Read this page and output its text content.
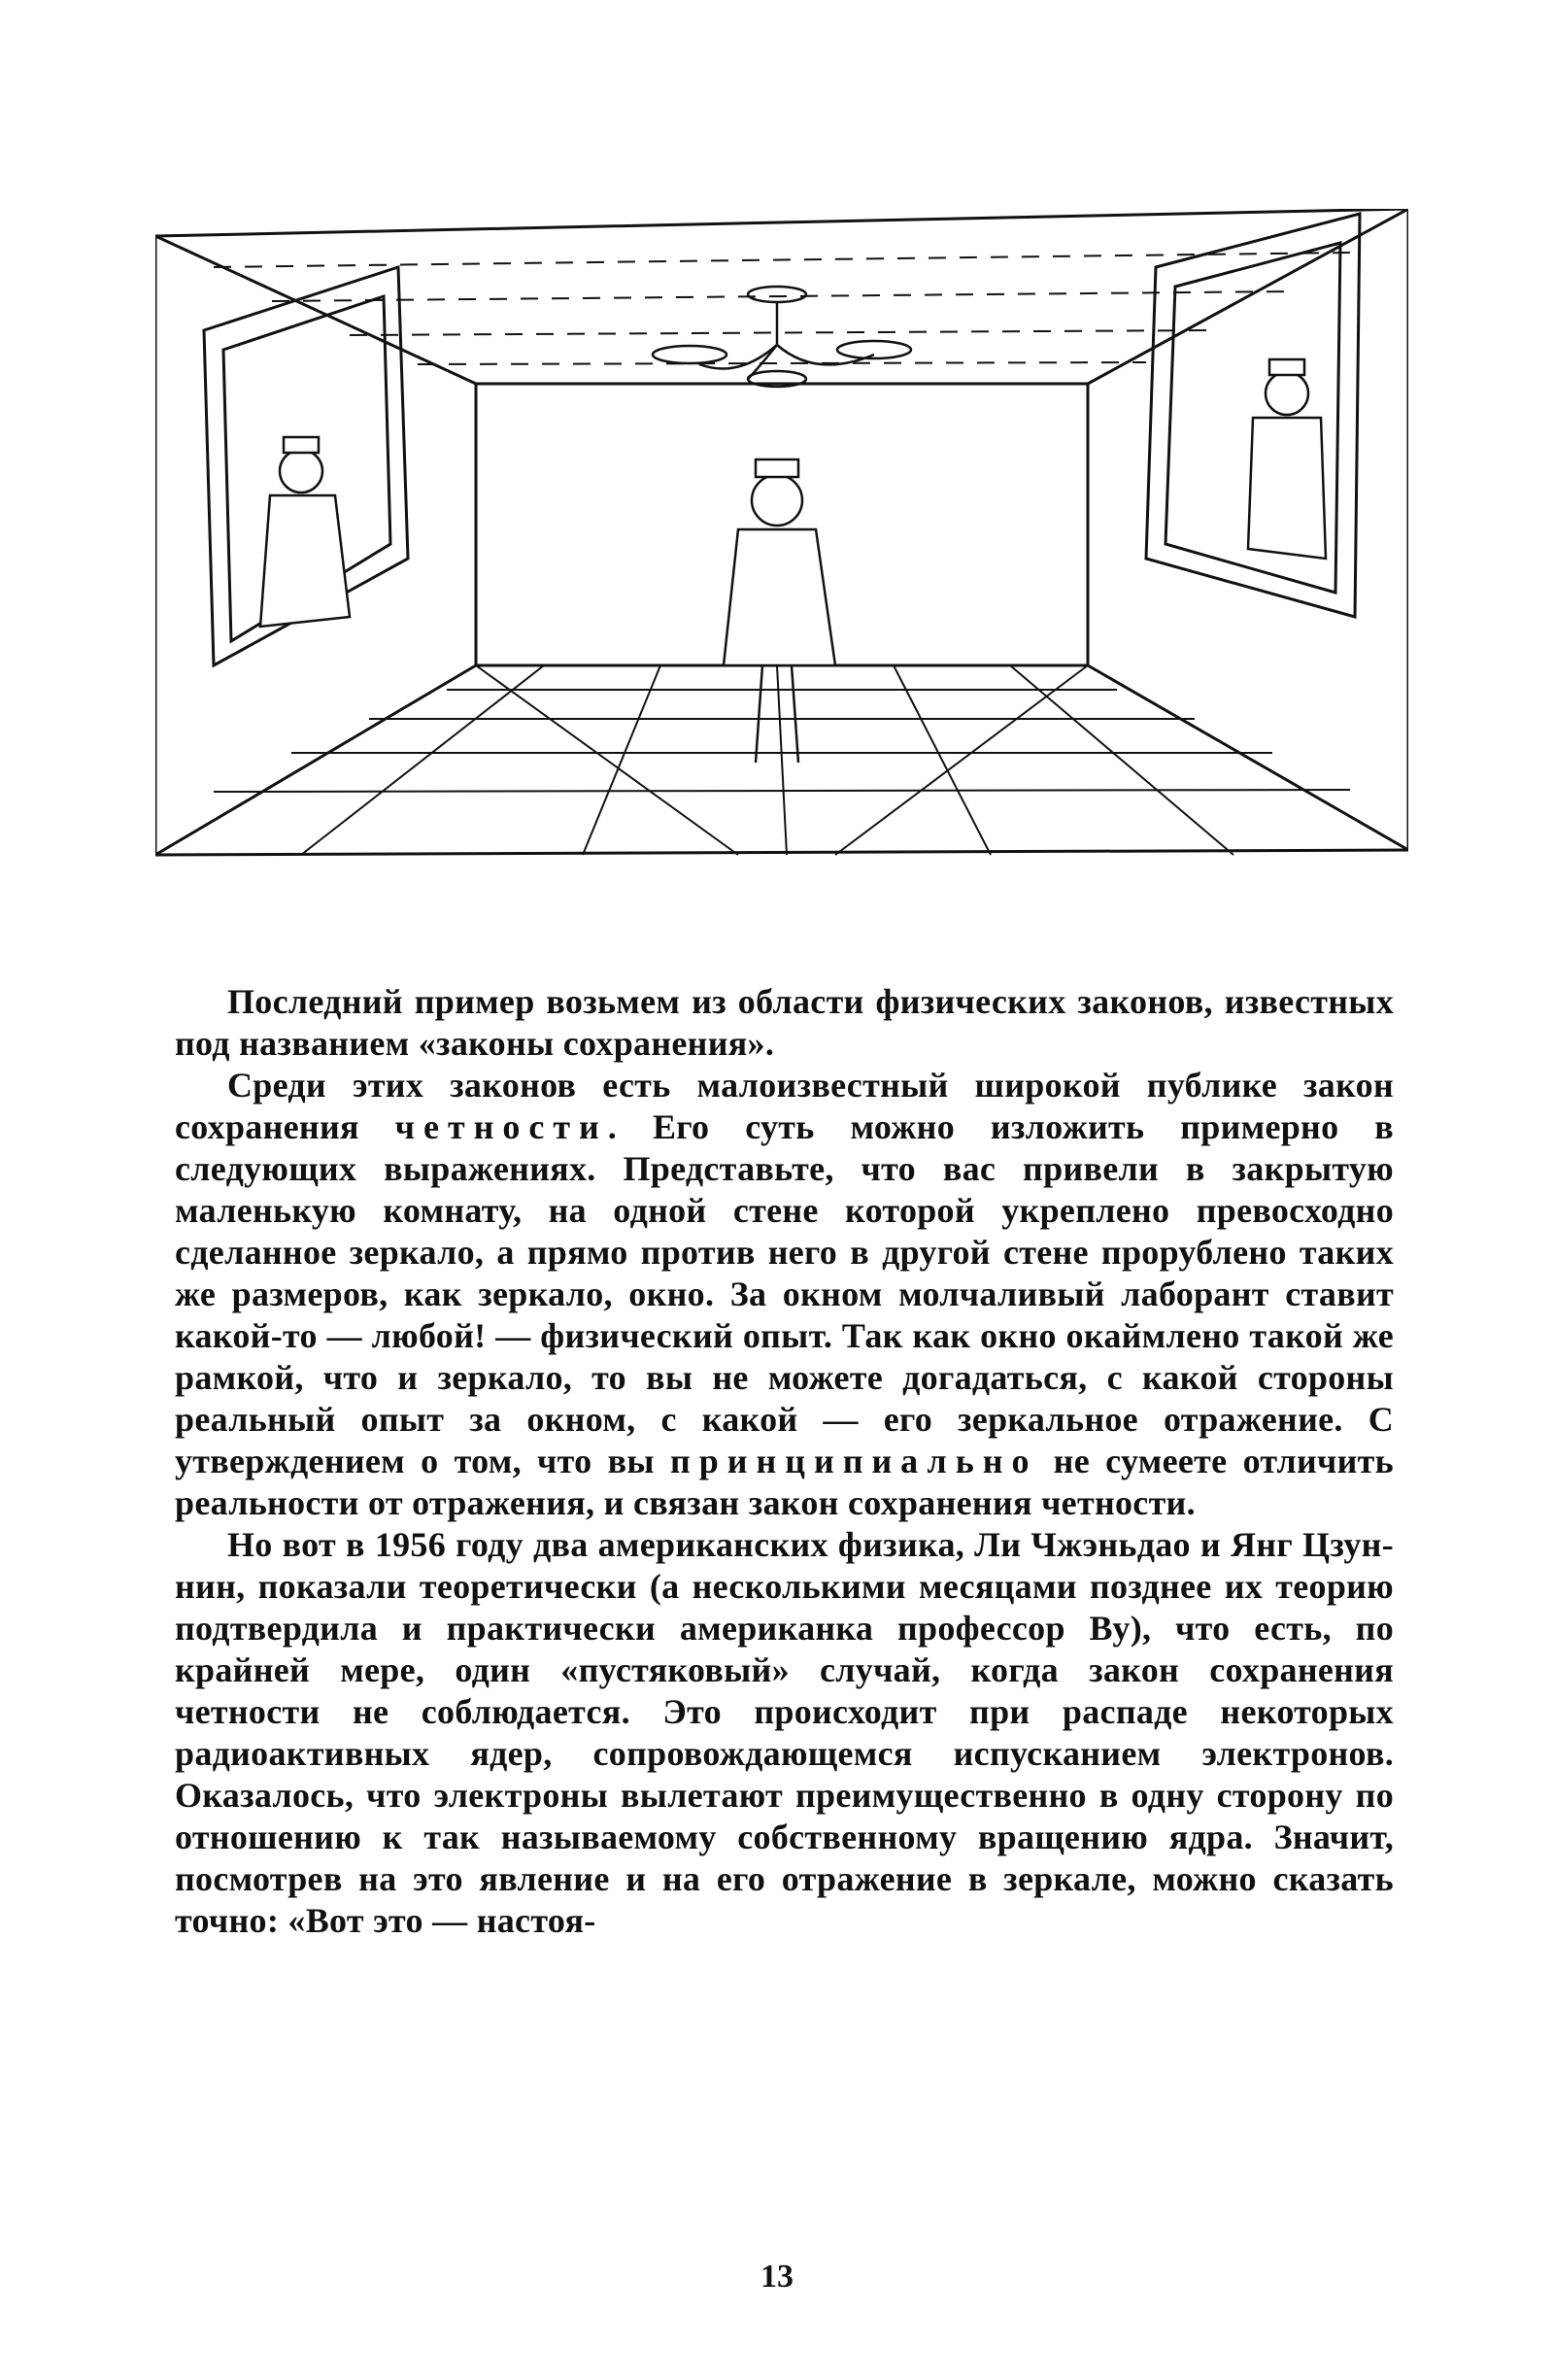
Последний пример возьмем из области физических законов, известных под названием «законы сохранения».

Среди этих законов есть малоизвестный широкой публике закон сохранения четности. Его суть можно изложить примерно в следующих выражениях. Представьте, что вас привели в закрытую маленькую комнату, на одной стене которой укреплено превосходно сделанное зеркало, а прямо против него в другой стене прорублено таких же размеров, как зеркало, окно. За окном молчаливый лаборант ставит какой-то — любой! — физический опыт. Так как окно окаймлено такой же рамкой, что и зеркало, то вы не можете догадаться, с какой стороны реальный опыт за окном, с какой — его зеркальное отражение. С утверждением о том, что вы принципиально не сумеете отличить реальности от отражения, и связан закон сохранения четности.

Но вот в 1956 году два американских физика, Ли Чжэньдао и Янг Цзун-нин, показали теоретически (а несколькими месяцами позднее их теорию подтвердила и практически американка профессор Ву), что есть, по крайней мере, один «пустяковый» случай, когда закон сохранения четности не соблюдается. Это происходит при распаде некоторых радиоактивных ядер, сопровождающемся испусканием электронов. Оказалось, что электроны вылетают преимущественно в одну сторону по отношению к так называемому собственному вращению ядра. Значит, посмотрев на это явление и на его отражение в зеркале, можно сказать точно: «Вот это — настоя-

13
